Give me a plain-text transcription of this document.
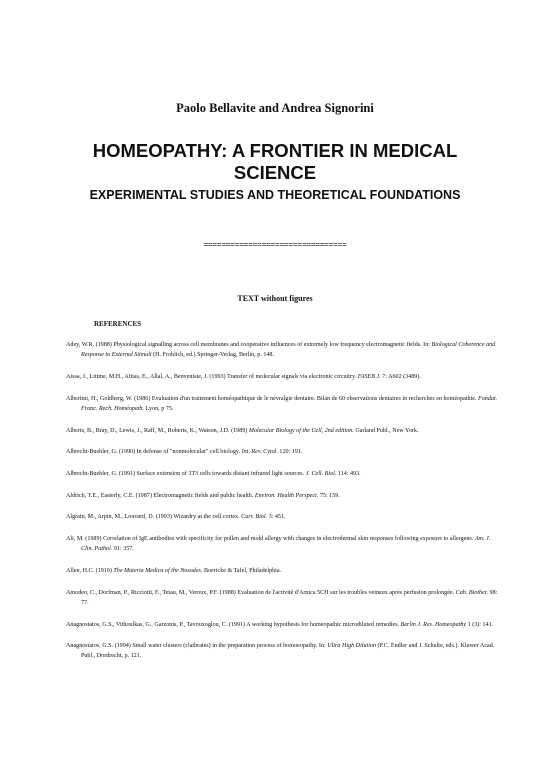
Paolo Bellavite and Andrea Signorini
HOMEOPATHY: A FRONTIER IN MEDICAL SCIENCE
EXPERIMENTAL STUDIES AND THEORETICAL FOUNDATIONS
================================
TEXT without figures
REFERENCES

Adey, W.R. (1988) Physiological signalling across cell membranes and cooperative influences of extremely low frequency electromagnetic fields. In: Biological Coherence and Response to External Stimuli (H. Frohlich, ed.) Springer-Verlag, Berlin, p. 148.

Aissa, J., Litime, M.H., Attias, E., Allal, A., Benveniste, J. (1993) Transfer of molecular signals via electronic circuitry. FASEB J. 7: A602 (3489).

Albertini, H., Goldberg, W. (1986) Evaluation d'un traitement homéopathique de le névralgie dentaire. Bilan de 60 observations dentaires in recherches en homéopathie. Fondat. Franc. Rech. Homéopath. Lyon, p 75.

Alberts, B., Bray, D., Lewis, J., Raff, M., Roberts, K., Watson, J.D. (1989) Molecular Biology of the Cell, 2nd edition. Garland Publ., New York.

Albrecht-Buehler, G. (1990) In defense of "nonmolecular" cell biology. Int. Rev. Cytol. 120: 191.

Albrecht-Buehler, G. (1991) Surface extension of 3T3 cells towards distant infrared light sources. J. Cell. Biol. 114: 493.

Aldrich, T.E., Easterly, C.E. (1987) Electromagnetic fields and public health. Environ. Health Perspect. 75: 159.

Algrain, M., Arpin, M., Louvard, D. (1993) Wizardry at the cell cortex. Curr. Biol. 3: 451.

Ali, M. (1989) Correlation of IgE antibodies with specificity for pollen and mold allergy with changes in electrodermal skin responses following exposure to allergens. Am. J. Clin. Pathol. 91: 357.

Allen, H.C. (1910) The Materia Medica of the Nosodes. Boericke & Tafel, Philadelphia.

Amodeo, C., Dorfman, P., Ricciotti, F., Tetau, M., Veroux, P.F. (1988) Evaluation de l'activité d'Arnica 5CH sur les troubles veineux après perfusion prolongée. Cah. Biother. 98: 77.

Anagnostatos, G.S., Vithoulkas, G., Garzonis, P., Tavouxoglou, C. (1991) A working hypothesis for homeopathic microdiluted remedies. Berlin J. Res. Homeopathy 1 (3): 141.

Anagnostatos, G.S. (1994) Small water clusters (clathrates) in the preparation process of homoeopathy. In: Ultra High Dilution (P.C. Endler and J. Schulte, eds.). Kluwer Acad. Publ., Dordrecht, p. 121.
